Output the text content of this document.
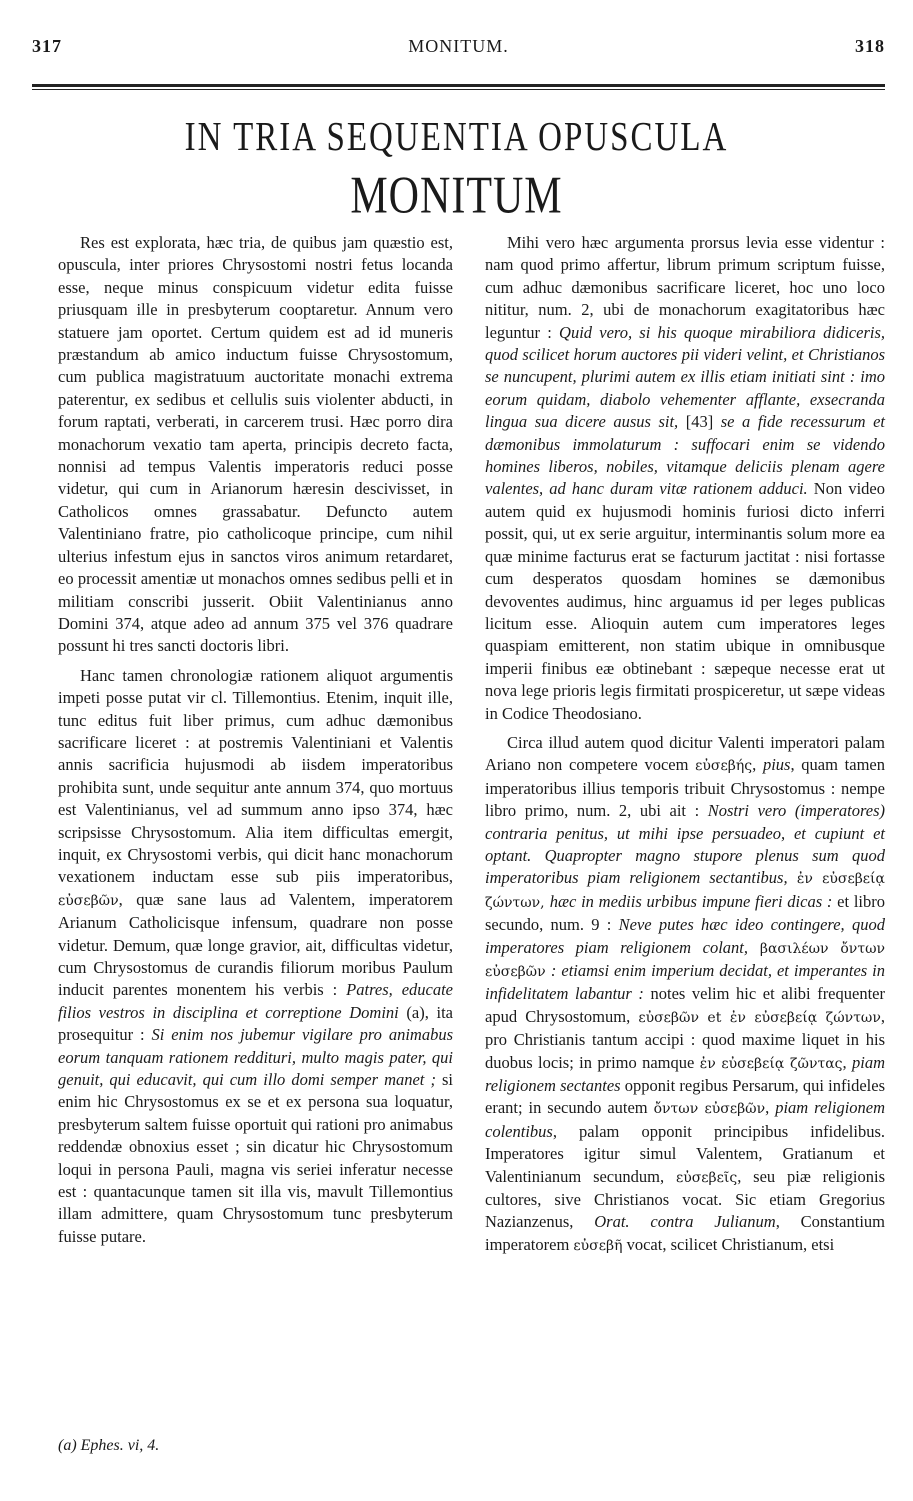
317	MONITUM.	318
IN TRIA SEQUENTIA OPUSCULA
MONITUM

Res est explorata, hæc tria, de quibus jam quæstio est, opuscula, inter priores Chrysostomi nostri fetus locanda esse, neque minus conspicuum videtur edita fuisse priusquam ille in presbyterum cooptaretur. Annum vero statuere jam oportet. Certum quidem est ad id muneris præstandum ab amico inductum fuisse Chrysostomum, cum publica magistratuum auctoritate monachi extrema paterentur, ex sedibus et cellulis suis violenter abducti, in forum raptati, verberati, in carcerem trusi. Hæc porro dira monachorum vexatio tam aperta, principis decreto facta, nonnisi ad tempus Valentis imperatoris reduci posse videtur, qui cum in Arianorum hæresin descivisset, in Catholicos omnes grassabatur. Defuncto autem Valentiniano fratre, pio catholicoque principe, cum nihil ulterius infestum ejus in sanctos viros animum retardaret, eo processit amentiæ ut monachos omnes sedibus pelli et in militiam conscribi jusserit. Obiit Valentinianus anno Domini 374, atque adeo ad annum 375 vel 376 quadrare possunt hi tres sancti doctoris libri.

Hanc tamen chronologiæ rationem aliquot argumentis impeti posse putat vir cl. Tillemontius. Etenim, inquit ille, tunc editus fuit liber primus, cum adhuc dæmonibus sacrificare liceret : at postremis Valentiniani et Valentis annis sacrificia hujusmodi ab iisdem imperatoribus prohibita sunt, unde sequitur ante annum 374, quo mortuus est Valentinianus, vel ad summum anno ipso 374, hæc scripsisse Chrysostomum. Alia item difficultas emergit, inquit, ex Chrysostomi verbis, qui dicit hanc monachorum vexationem inductam esse sub piis imperatoribus, εὐσεβῶν, quæ sane laus ad Valentem, imperatorem Arianum Catholicisque infensum, quadrare non posse videtur. Demum, quæ longe gravior, ait, difficultas videtur, cum Chrysostomus de curandis filiorum moribus Paulum inducit parentes monentem his verbis : Patres, educate filios vestros in disciplina et correptione Domini (a), ita prosequitur : Si enim nos jubemur vigilare pro animabus eorum tanquam rationem reddituri, multo magis pater, qui genuit, qui educavit, qui cum illo domi semper manet ; si enim hic Chrysostomus ex se et ex persona sua loquatur, presbyterum saltem fuisse oportuit qui rationi pro animabus reddendæ obnoxius esset ; sin dicatur hic Chrysostomum loqui in persona Pauli, magna vis seriei inferatur necesse est : quantacunque tamen sit illa vis, mavult Tillemontius illam admittere, quam Chrysostomum tunc presbyterum fuisse putare.

Mihi vero hæc argumenta prorsus levia esse videntur : nam quod primo affertur, librum primum scriptum fuisse, cum adhuc dæmonibus sacrificare liceret, hoc uno loco nititur, num. 2, ubi de monachorum exagitatoribus hæc leguntur : Quid vero, si his quoque mirabiliora didiceris, quod scilicet horum auctores pii videri velint, et Christianos se nuncupent, plurimi autem ex illis etiam initiati sint : imo eorum quidam, diabolo vehementer afflante, exsecranda lingua sua dicere ausus sit, [43] se a fide recessurum et dæmonibus immolaturum : suffocari enim se videndo homines liberos, nobiles, vitamque deliciis plenam agere valentes, ad hanc duram vitæ rationem adduci. Non video autem quid ex hujusmodi hominis furiosi dicto inferri possit, qui, ut ex serie arguitur, interminantis solum more ea quæ minime facturus erat se facturum jactitat : nisi fortasse cum desperatos quosdam homines se dæmonibus devoventes audimus, hinc arguamus id per leges publicas licitum esse. Alioquin autem cum imperatores leges quaspiam emitterent, non statim ubique in omnibusque imperii finibus eæ obtinebant : sæpeque necesse erat ut nova lege prioris legis firmitati prospiceretur, ut sæpe videas in Codice Theodosiano.

Circa illud autem quod dicitur Valenti imperatori palam Ariano non competere vocem εὐσεβής, pius, quam tamen imperatoribus illius temporis tribuit Chrysostomus : nempe libro primo, num. 2, ubi ait : Nostri vero (imperatores) contraria penitus, ut mihi ipse persuadeo, et cupiunt et optant. Quapropter magno stupore plenus sum quod imperatoribus piam religionem sectantibus, ἐν εὐσεβείᾳ ζώντων, hæc in mediis urbibus impune fieri dicas : et libro secundo, num. 9 : Neve putes hæc ideo contingere, quod imperatores piam religionem colant, βασιλέων ὄντων εὐσεβῶν : etiamsi enim imperium decidat, et imperantes in infidelitatem labantur : notes velim hic et alibi frequenter apud Chrysostomum, εὐσεβῶν et ἐν εὐσεβείᾳ ζώντων, pro Christianis tantum accipi : quod maxime liquet in his duobus locis; in primo namque ἐν εὐσεβείᾳ ζῶντας, piam religionem sectantes opponit regibus Persarum, qui infideles erant; in secundo autem ὄντων εὐσεβῶν, piam religionem colentibus, palam opponit principibus infidelibus. Imperatores igitur simul Valentem, Gratianum et Valentinianum secundum, εὐσεβεῖς, seu piæ religionis cultores, sive Christianos vocat. Sic etiam Gregorius Nazianzenus, Orat. contra Julianum, Constantium imperatorem εὐσεβῆ vocat, scilicet Christianum, etsi

(a) Ephes. vi, 4.
